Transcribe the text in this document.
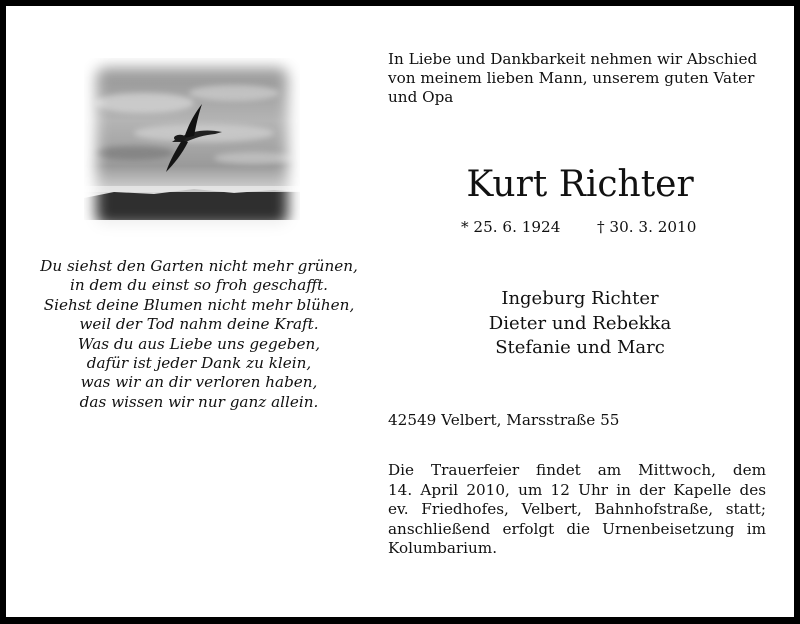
Du siehst den Garten nicht mehr grünen,
in dem du einst so froh geschafft.
Siehst deine Blumen nicht mehr blühen,
weil der Tod nahm deine Kraft.
Was du aus Liebe uns gegeben,
dafür ist jeder Dank zu klein,
was wir an dir verloren haben,
das wissen wir nur ganz allein.
In Liebe und Dankbarkeit nehmen wir Abschied
von meinem lieben Mann, unserem guten Vater
und Opa
Kurt Richter
* 25. 6. 1924 † 30. 3. 2010
Ingeburg Richter
Dieter und Rebekka
Stefanie und Marc
42549 Velbert, Marsstraße 55
Die Trauerfeier findet am Mittwoch, dem
14. April 2010, um 12 Uhr in der Kapelle des
ev. Friedhofes, Velbert, Bahnhofstraße, statt;
anschließend erfolgt die Urnenbeisetzung im
Kolumbarium.
